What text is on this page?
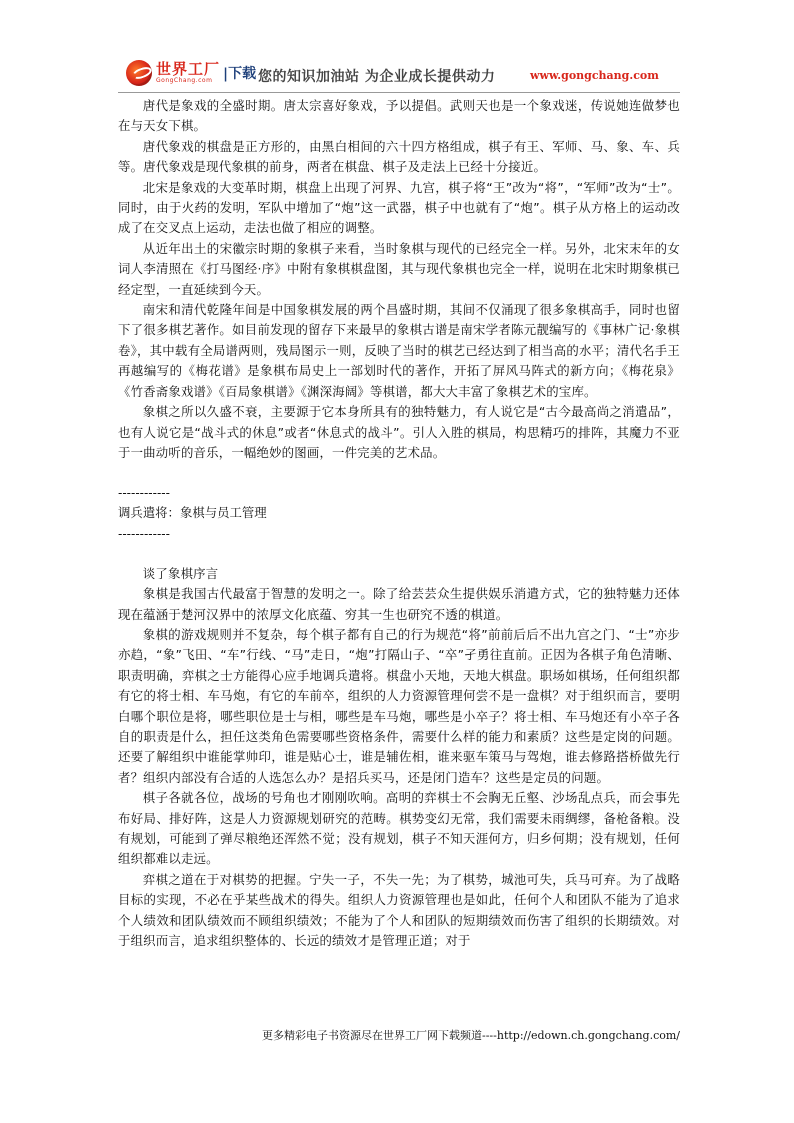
世界工厂
GongChang.com |下载 您的知识加油站 为企业成长提供动力	www.gongchang.com

唐代是象戏的全盛时期。唐太宗喜好象戏，予以提倡。武则天也是一个象戏迷，传说她连做梦也在与天女下棋。

唐代象戏的棋盘是正方形的，由黑白相间的六十四方格组成，棋子有王、军师、马、象、车、兵等。唐代象戏是现代象棋的前身，两者在棋盘、棋子及走法上已经十分接近。

北宋是象戏的大变革时期，棋盘上出现了河界、九宫，棋子将“王”改为“将”，“军师”改为“士”。同时，由于火药的发明，军队中增加了“炮”这一武器，棋子中也就有了“炮”。棋子从方格上的运动改成了在交叉点上运动，走法也做了相应的调整。

从近年出土的宋徽宗时期的象棋子来看，当时象棋与现代的已经完全一样。另外，北宋末年的女词人李清照在《打马图经·序》中附有象棋棋盘图，其与现代象棋也完全一样，说明在北宋时期象棋已经定型，一直延续到今天。

南宋和清代乾隆年间是中国象棋发展的两个昌盛时期，其间不仅涌现了很多象棋高手，同时也留下了很多棋艺著作。如目前发现的留存下来最早的象棋古谱是南宋学者陈元靓编写的《事林广记·象棋卷》，其中载有全局谱两则，残局图示一则，反映了当时的棋艺已经达到了相当高的水平；清代名手王再越编写的《梅花谱》是象棋布局史上一部划时代的著作，开拓了屏风马阵式的新方向；《梅花泉》《竹香斋象戏谱》《百局象棋谱》《渊深海阔》等棋谱，都大大丰富了象棋艺术的宝库。

象棋之所以久盛不衰，主要源于它本身所具有的独特魅力，有人说它是“古今最高尚之消遣品”，也有人说它是“战斗式的休息”或者“休息式的战斗”。引人入胜的棋局，构思精巧的排阵，其魔力不亚于一曲动听的音乐，一幅绝妙的图画，一件完美的艺术品。

------------

调兵遣将：象棋与员工管理

------------

谈了象棋序言

象棋是我国古代最富于智慧的发明之一。除了给芸芸众生提供娱乐消遣方式，它的独特魅力还体现在蕴涵于楚河汉界中的浓厚文化底蕴、穷其一生也研究不透的棋道。

象棋的游戏规则并不复杂，每个棋子都有自己的行为规范“将”前前后后不出九宫之门、“士”亦步亦趋，“象”飞田、“车”行线、“马”走日，“炮”打隔山子、“卒”孑勇往直前。正因为各棋子角色清晰、职责明确，弈棋之士方能得心应手地调兵遣将。棋盘小天地，天地大棋盘。职场如棋场，任何组织都有它的将士相、车马炮，有它的车前卒，组织的人力资源管理何尝不是一盘棋？对于组织而言，要明白哪个职位是将，哪些职位是士与相，哪些是车马炮，哪些是小卒子？将士相、车马炮还有小卒子各自的职责是什么，担任这类角色需要哪些资格条件，需要什么样的能力和素质？这些是定岗的问题。还要了解组织中谁能掌帅印，谁是贴心士，谁是辅佐相，谁来驱车策马与驾炮，谁去修路搭桥做先行者？组织内部没有合适的人选怎么办？是招兵买马，还是闭门造车？这些是定员的问题。

棋子各就各位，战场的号角也才刚刚吹响。高明的弈棋士不会胸无丘壑、沙场乱点兵，而会事先布好局、排好阵，这是人力资源规划研究的范畴。棋势变幻无常，我们需要未雨绸缪，备枪备粮。没有规划，可能到了弹尽粮绝还浑然不觉；没有规划，棋子不知天涯何方，归乡何期；没有规划，任何组织都难以走远。

弈棋之道在于对棋势的把握。宁失一子，不失一先；为了棋势，城池可失，兵马可弃。为了战略目标的实现，不必在乎某些战术的得失。组织人力资源管理也是如此，任何个人和团队不能为了追求个人绩效和团队绩效而不顾组织绩效；不能为了个人和团队的短期绩效而伤害了组织的长期绩效。对于组织而言，追求组织整体的、长远的绩效才是管理正道；对于

更多精彩电子书资源尽在世界工厂网下载频道----http://edown.ch.gongchang.com/
